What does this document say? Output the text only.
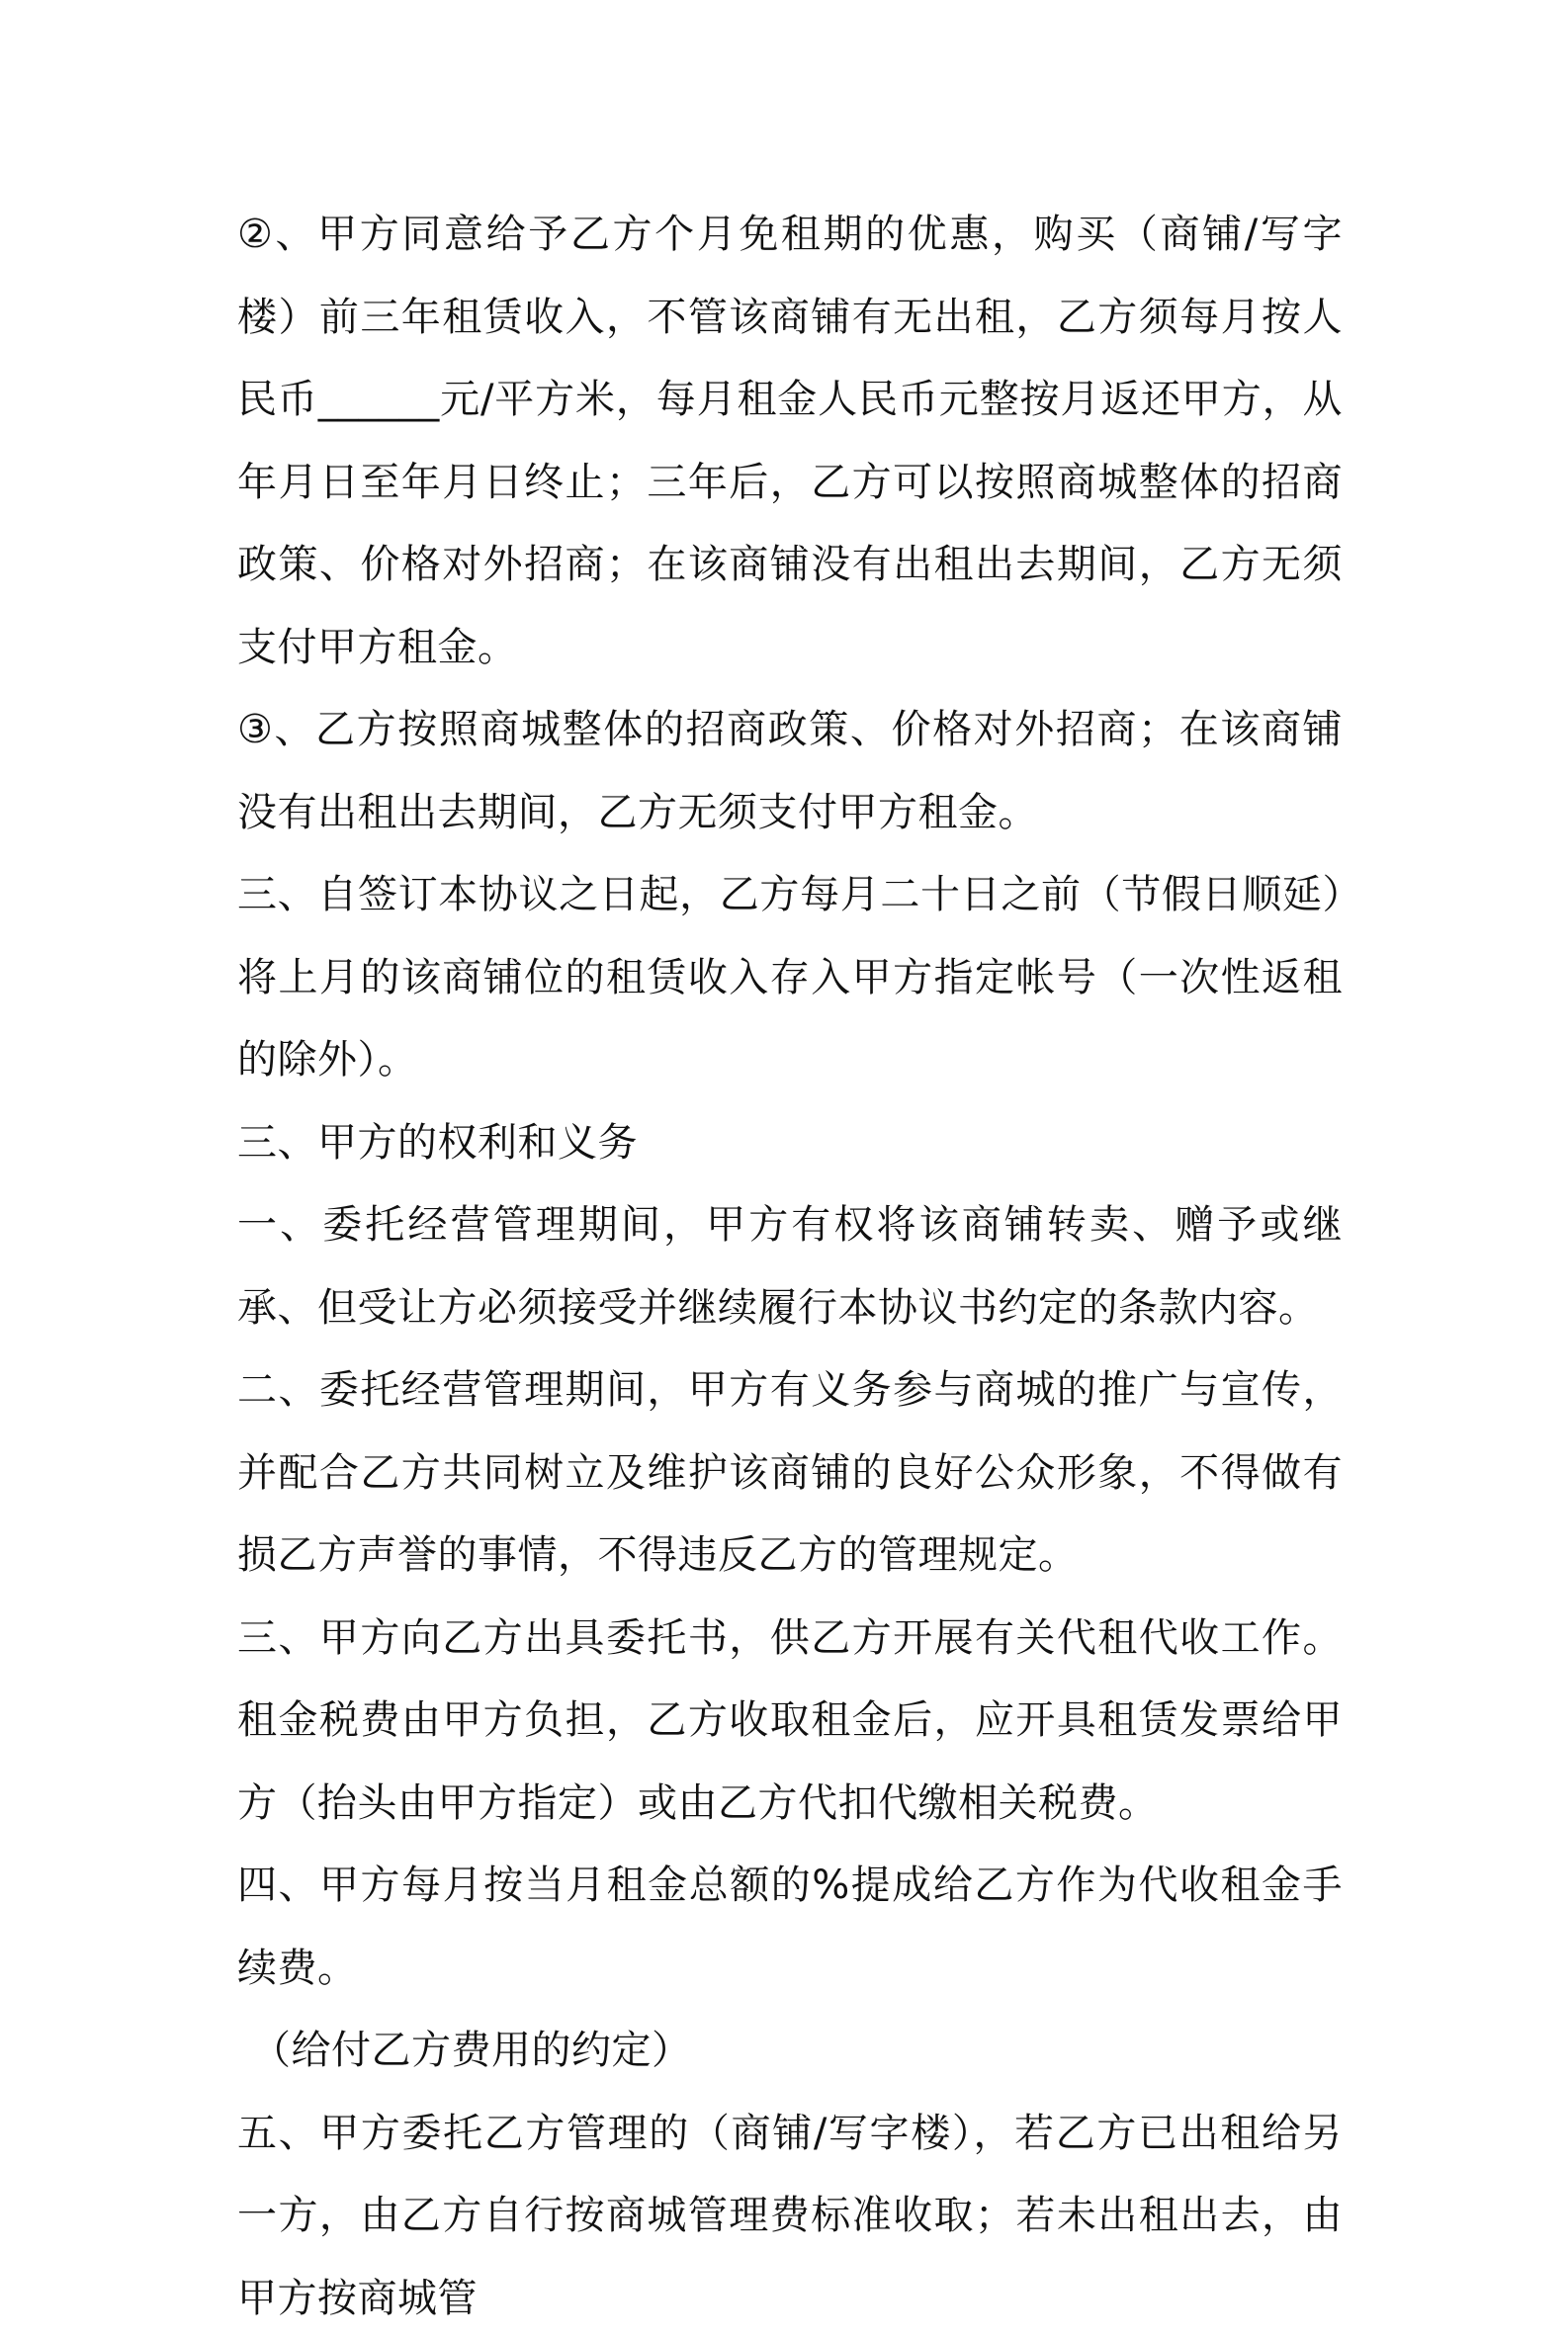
②、甲方同意给予乙方个月免租期的优惠，购买（商铺/写字楼）前三年租赁收入，不管该商铺有无出租，乙方须每月按人民币______元/平方米，每月租金人民币元整按月返还甲方，从年月日至年月日终止；三年后，乙方可以按照商城整体的招商政策、价格对外招商；在该商铺没有出租出去期间，乙方无须支付甲方租金。

③、乙方按照商城整体的招商政策、价格对外招商；在该商铺没有出租出去期间，乙方无须支付甲方租金。

三、自签订本协议之日起，乙方每月二十日之前（节假日顺延）将上月的该商铺位的租赁收入存入甲方指定帐号（一次性返租的除外）。

三、甲方的权利和义务

一、委托经营管理期间，甲方有权将该商铺转卖、赠予或继承、但受让方必须接受并继续履行本协议书约定的条款内容。

二、委托经营管理期间，甲方有义务参与商城的推广与宣传，并配合乙方共同树立及维护该商铺的良好公众形象，不得做有损乙方声誉的事情，不得违反乙方的管理规定。

三、甲方向乙方出具委托书，供乙方开展有关代租代收工作。租金税费由甲方负担，乙方收取租金后，应开具租赁发票给甲方（抬头由甲方指定）或由乙方代扣代缴相关税费。

四、甲方每月按当月租金总额的%提成给乙方作为代收租金手续费。

（给付乙方费用的约定）

五、甲方委托乙方管理的（商铺/写字楼），若乙方已出租给另一方，由乙方自行按商城管理费标准收取；若未出租出去，由甲方按商城管
